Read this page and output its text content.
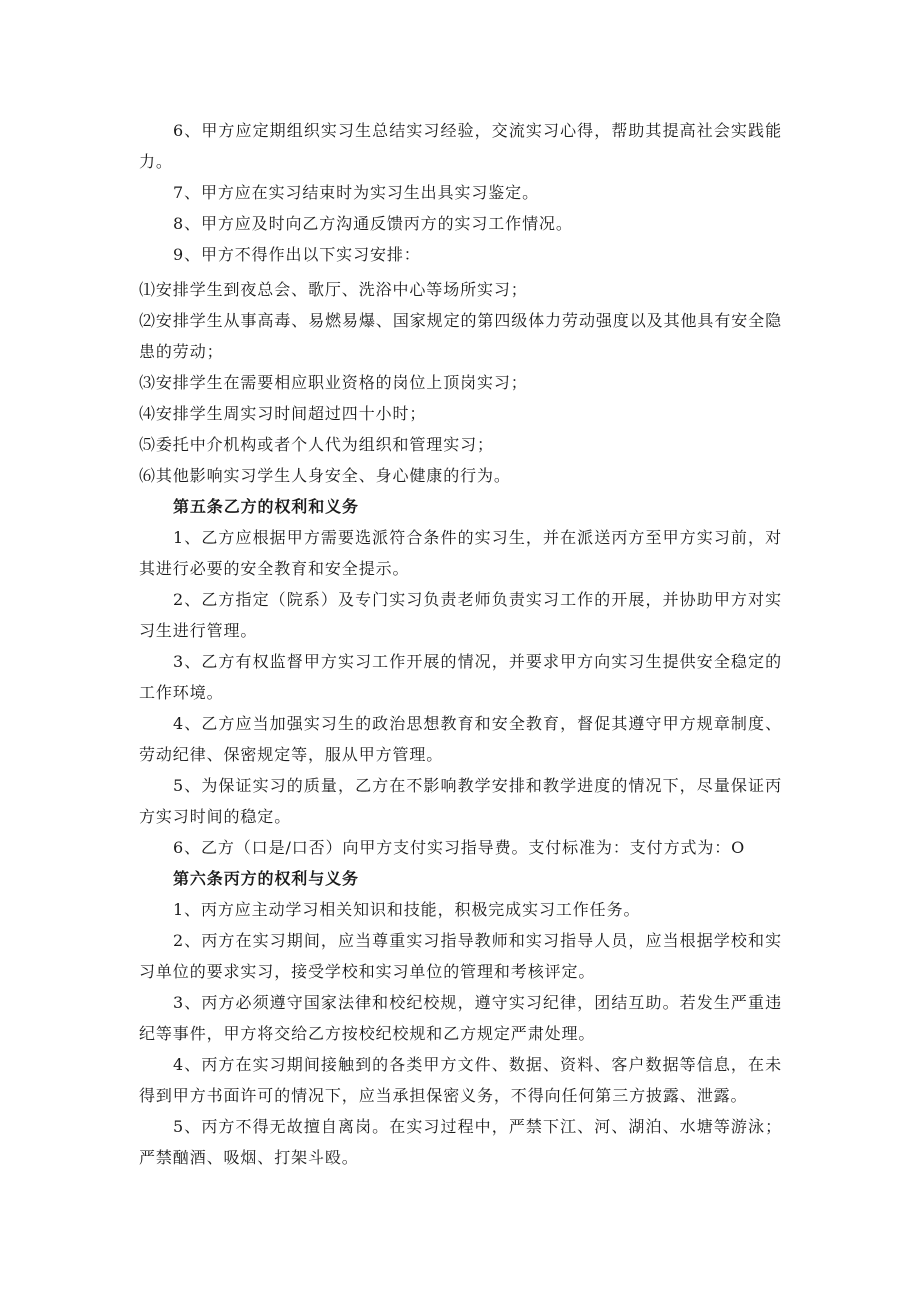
6、甲方应定期组织实习生总结实习经验，交流实习心得，帮助其提高社会实践能力。

7、甲方应在实习结束时为实习生出具实习鉴定。

8、甲方应及时向乙方沟通反馈丙方的实习工作情况。

9、甲方不得作出以下实习安排：

⑴安排学生到夜总会、歌厅、洗浴中心等场所实习；

⑵安排学生从事高毒、易燃易爆、国家规定的第四级体力劳动强度以及其他具有安全隐患的劳动；

⑶安排学生在需要相应职业资格的岗位上顶岗实习；

⑷安排学生周实习时间超过四十小时；

⑸委托中介机构或者个人代为组织和管理实习；

⑹其他影响实习学生人身安全、身心健康的行为。

第五条乙方的权利和义务

1、乙方应根据甲方需要选派符合条件的实习生，并在派送丙方至甲方实习前，对其进行必要的安全教育和安全提示。

2、乙方指定（院系）及专门实习负责老师负责实习工作的开展，并协助甲方对实习生进行管理。

3、乙方有权监督甲方实习工作开展的情况，并要求甲方向实习生提供安全稳定的工作环境。

4、乙方应当加强实习生的政治思想教育和安全教育，督促其遵守甲方规章制度、劳动纪律、保密规定等，服从甲方管理。

5、为保证实习的质量，乙方在不影响教学安排和教学进度的情况下，尽量保证丙方实习时间的稳定。

6、乙方（口是/口否）向甲方支付实习指导费。支付标准为：支付方式为：O

第六条丙方的权利与义务

1、丙方应主动学习相关知识和技能，积极完成实习工作任务。

2、丙方在实习期间，应当尊重实习指导教师和实习指导人员，应当根据学校和实习单位的要求实习，接受学校和实习单位的管理和考核评定。

3、丙方必须遵守国家法律和校纪校规，遵守实习纪律，团结互助。若发生严重违纪等事件，甲方将交给乙方按校纪校规和乙方规定严肃处理。

4、丙方在实习期间接触到的各类甲方文件、数据、资料、客户数据等信息，在未得到甲方书面许可的情况下，应当承担保密义务，不得向任何第三方披露、泄露。

5、丙方不得无故擅自离岗。在实习过程中，严禁下江、河、湖泊、水塘等游泳；严禁酗酒、吸烟、打架斗殴。
